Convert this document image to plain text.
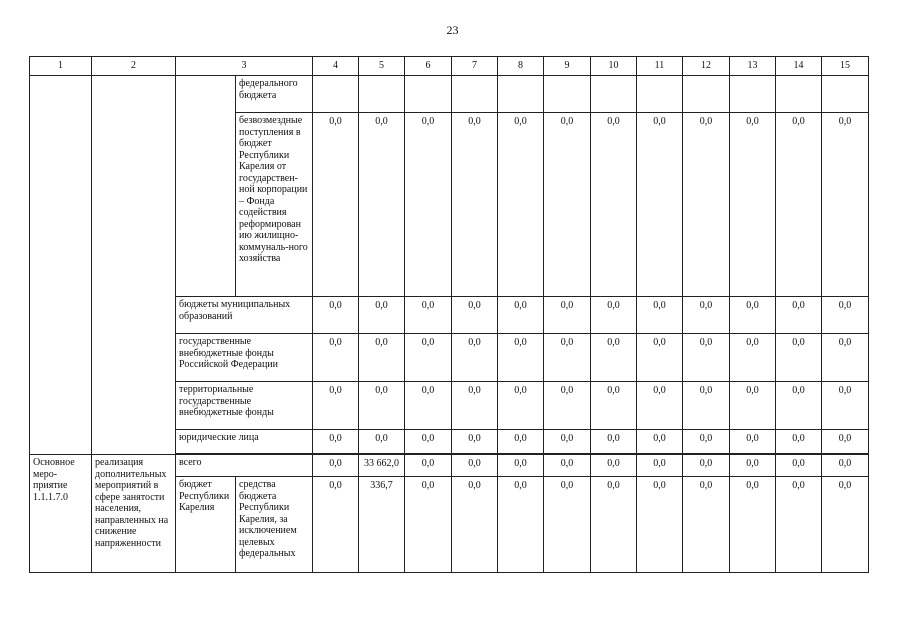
23
1	2	3		4	5	6	7	8	9	10	11	12	13	14	15
			федерального бюджета												
			безвозмездные поступления в бюджет Республики Карелия от государствен-ной корпорации – Фонда содействия реформирован ию жилищно-коммуналь-ного хозяйства	0,0	0,0	0,0	0,0	0,0	0,0	0,0	0,0	0,0	0,0	0,0	0,0
		бюджеты муниципальных образований		0,0	0,0	0,0	0,0	0,0	0,0	0,0	0,0	0,0	0,0	0,0	0,0
		государственные внебюджетные фонды Российской Федерации		0,0	0,0	0,0	0,0	0,0	0,0	0,0	0,0	0,0	0,0	0,0	0,0
		территориальные государственные внебюджетные фонды		0,0	0,0	0,0	0,0	0,0	0,0	0,0	0,0	0,0	0,0	0,0	0,0
		юридические лица		0,0	0,0	0,0	0,0	0,0	0,0	0,0	0,0	0,0	0,0	0,0	0,0

Основное меро-приятие 1.1.1.7.0	реализация дополнительных мероприятий в сфере занятости населения, направленных на снижение напряженности	всего		0,0	33 662,0	0,0	0,0	0,0	0,0	0,0	0,0	0,0	0,0	0,0	0,0
		бюджет Республики Карелия	средства бюджета Республики Карелия, за исключением целевых федеральных	0,0	336,7	0,0	0,0	0,0	0,0	0,0	0,0	0,0	0,0	0,0	0,0
